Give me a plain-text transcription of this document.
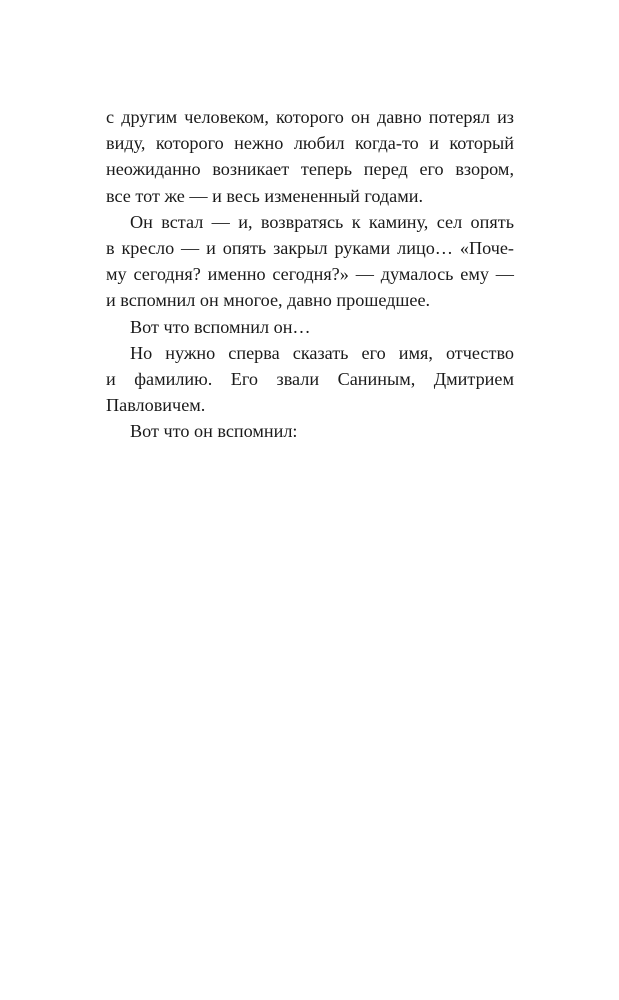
с другим человеком, которого он давно потерял из
виду, которого нежно любил когда-то и который
неожиданно возникает теперь перед его взором,
все тот же — и весь измененный годами.
Он встал — и, возвратясь к камину, сел опять
в кресло — и опять закрыл руками лицо… «Поче-
му сегодня? именно сегодня?» — думалось ему —
и вспомнил он многое, давно прошедшее.
Вот что вспомнил он…
Но нужно сперва сказать его имя, отчество
и фамилию. Его звали Саниным, Дмитрием
Павловичем.
Вот что он вспомнил:
